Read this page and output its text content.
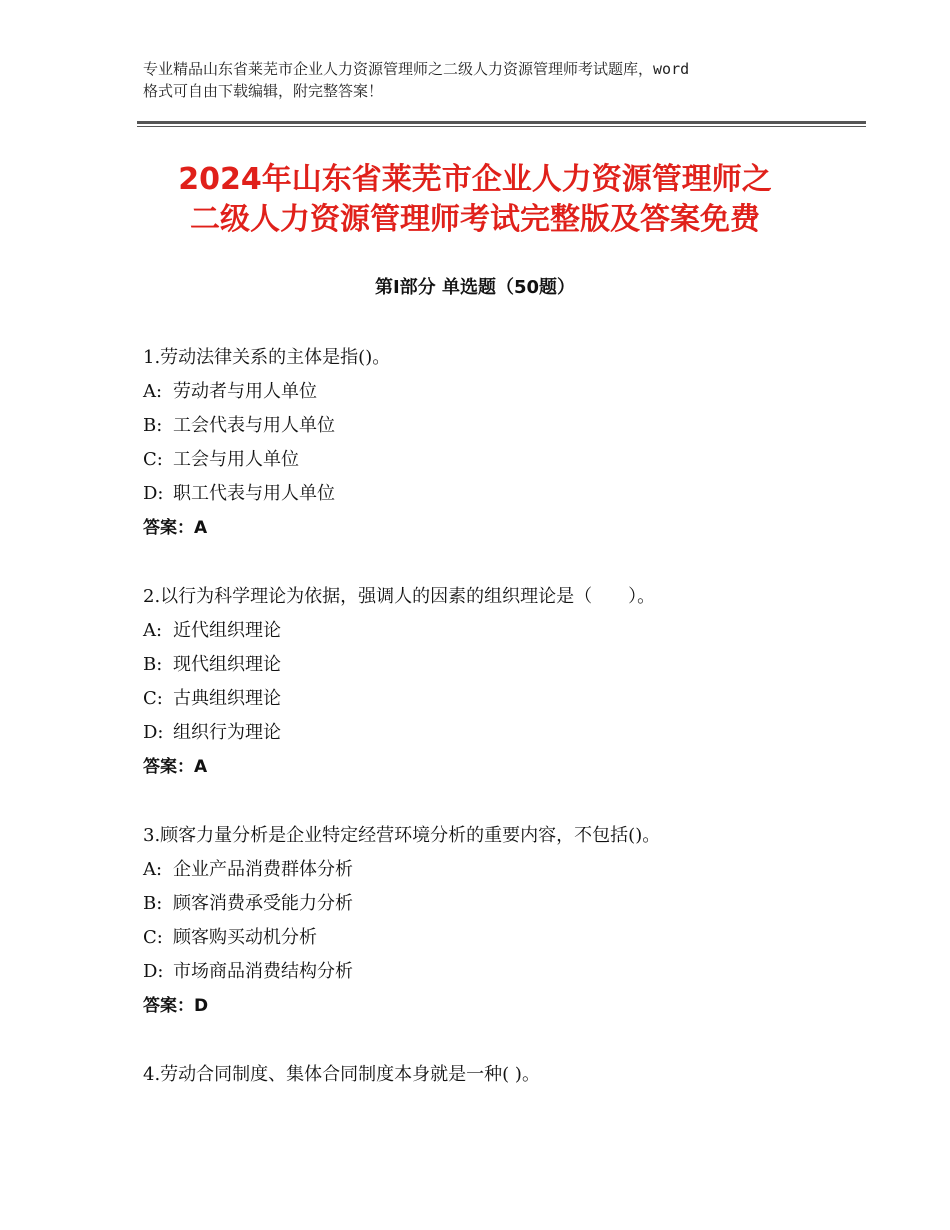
专业精品山东省莱芜市企业人力资源管理师之二级人力资源管理师考试题库，word
格式可自由下载编辑，附完整答案！
2024年山东省莱芜市企业人力资源管理师之
二级人力资源管理师考试完整版及答案免费
第Ⅰ部分 单选题（50题）
1.劳动法律关系的主体是指()。
A: 劳动者与用人单位
B: 工会代表与用人单位
C: 工会与用人单位
D: 职工代表与用人单位
答案：A
2.以行为科学理论为依据，强调人的因素的组织理论是（　　）。
A: 近代组织理论
B: 现代组织理论
C: 古典组织理论
D: 组织行为理论
答案：A
3.顾客力量分析是企业特定经营环境分析的重要内容，不包括()。
A: 企业产品消费群体分析
B: 顾客消费承受能力分析
C: 顾客购买动机分析
D: 市场商品消费结构分析
答案：D
4.劳动合同制度、集体合同制度本身就是一种( )。
